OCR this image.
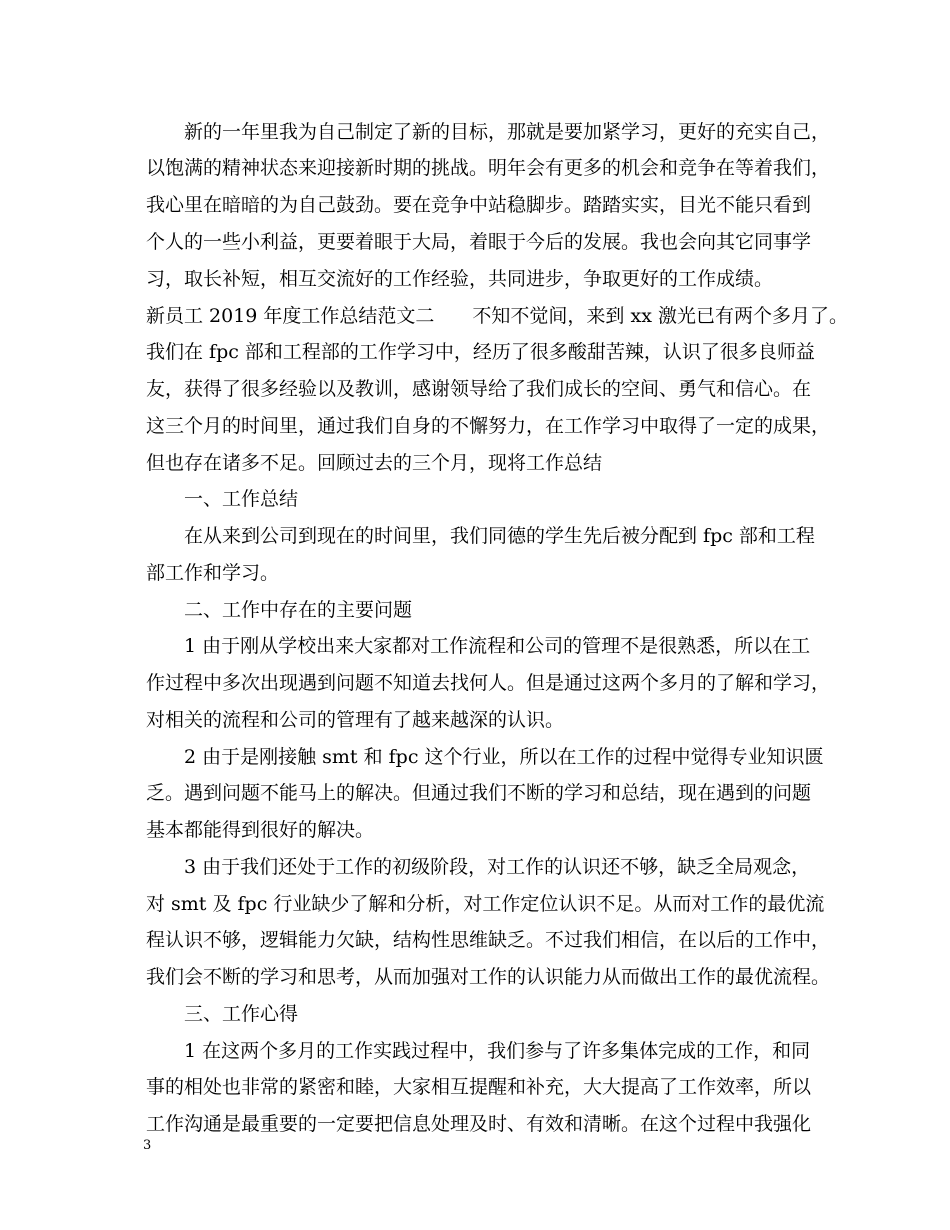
新的一年里我为自己制定了新的目标，那就是要加紧学习，更好的充实自己，
以饱满的精神状态来迎接新时期的挑战。明年会有更多的机会和竞争在等着我们，
我心里在暗暗的为自己鼓劲。要在竞争中站稳脚步。踏踏实实，目光不能只看到
个人的一些小利益，更要着眼于大局，着眼于今后的发展。我也会向其它同事学
习，取长补短，相互交流好的工作经验，共同进步，争取更好的工作成绩。
新员工 2019 年度工作总结范文二　　不知不觉间，来到 xx 激光已有两个多月了。
我们在 fpc 部和工程部的工作学习中，经历了很多酸甜苦辣，认识了很多良师益
友，获得了很多经验以及教训，感谢领导给了我们成长的空间、勇气和信心。在
这三个月的时间里，通过我们自身的不懈努力，在工作学习中取得了一定的成果，
但也存在诸多不足。回顾过去的三个月，现将工作总结
一、工作总结
在从来到公司到现在的时间里，我们同德的学生先后被分配到 fpc 部和工程
部工作和学习。
二、工作中存在的主要问题
1 由于刚从学校出来大家都对工作流程和公司的管理不是很熟悉，所以在工
作过程中多次出现遇到问题不知道去找何人。但是通过这两个多月的了解和学习，
对相关的流程和公司的管理有了越来越深的认识。
2 由于是刚接触 smt 和 fpc 这个行业，所以在工作的过程中觉得专业知识匮
乏。遇到问题不能马上的解决。但通过我们不断的学习和总结，现在遇到的问题
基本都能得到很好的解决。
3 由于我们还处于工作的初级阶段，对工作的认识还不够，缺乏全局观念，
对 smt 及 fpc 行业缺少了解和分析，对工作定位认识不足。从而对工作的最优流
程认识不够，逻辑能力欠缺，结构性思维缺乏。不过我们相信，在以后的工作中，
我们会不断的学习和思考，从而加强对工作的认识能力从而做出工作的最优流程。
三、工作心得
1 在这两个多月的工作实践过程中，我们参与了许多集体完成的工作，和同
事的相处也非常的紧密和睦，大家相互提醒和补充，大大提高了工作效率，所以
工作沟通是最重要的一定要把信息处理及时、有效和清晰。在这个过程中我强化
3
